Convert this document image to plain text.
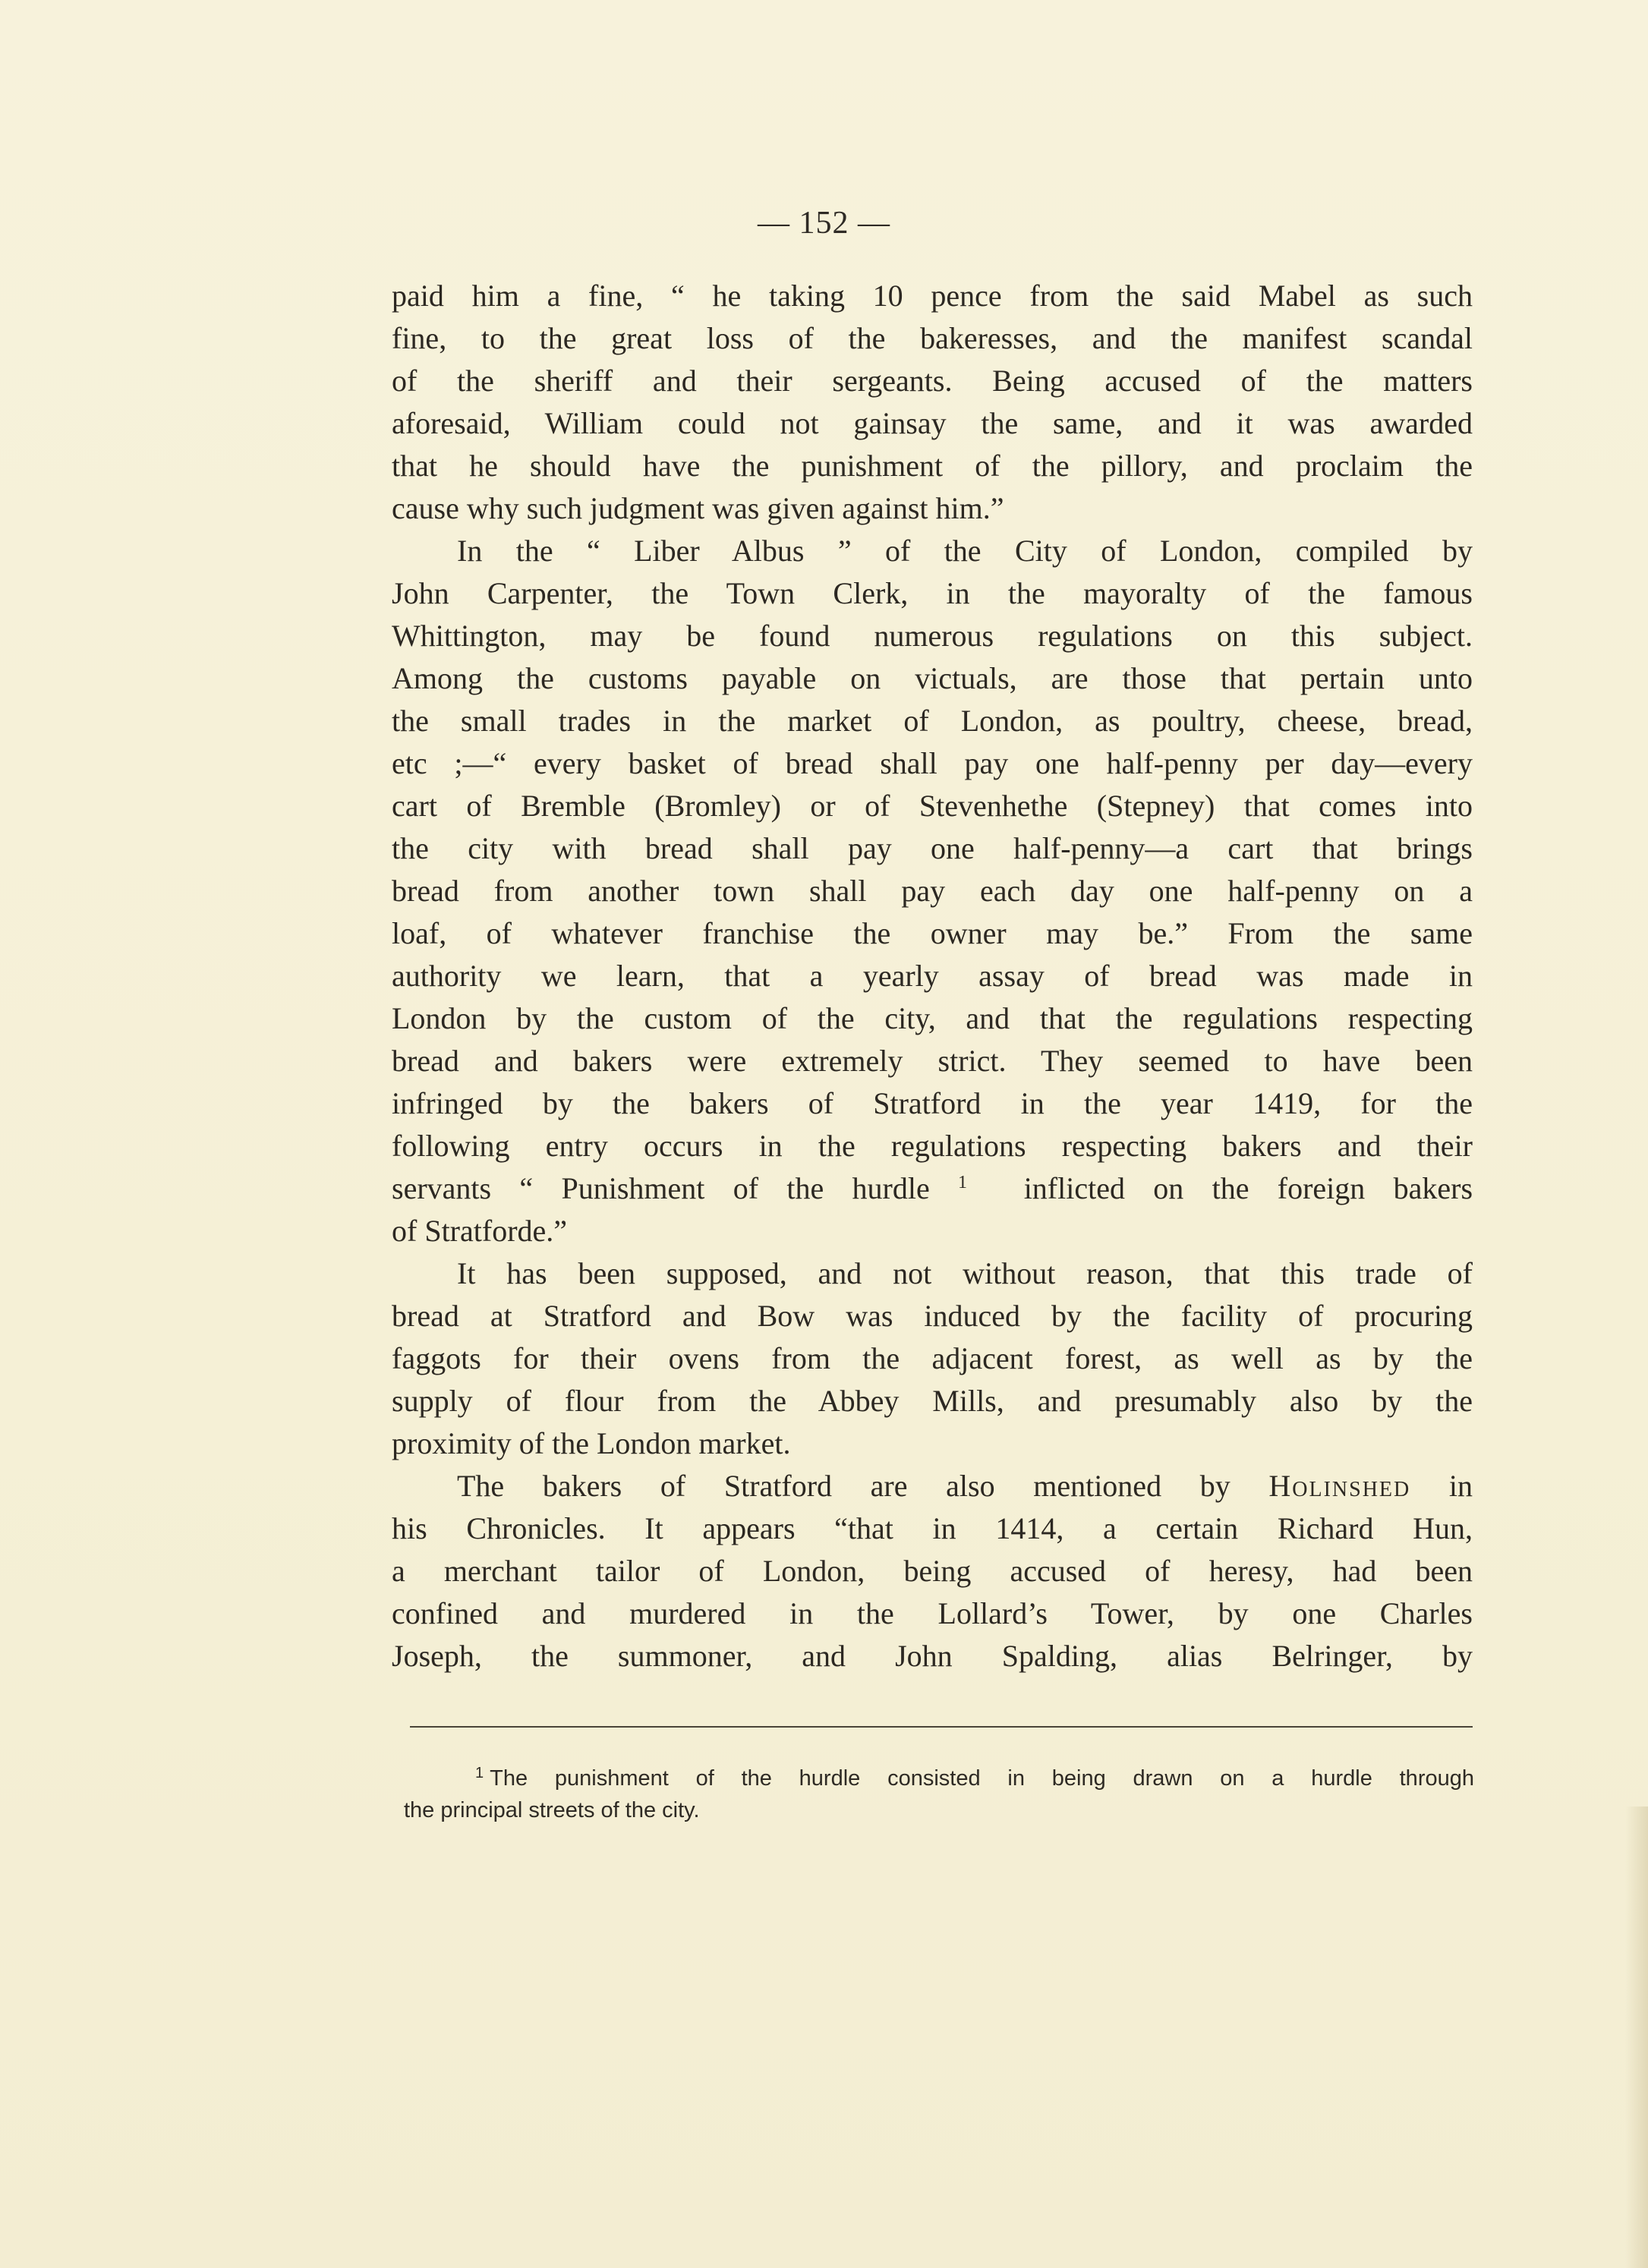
— 152 —
paid him a fine, “ he taking 10 pence from the said Mabel as such
fine, to the great loss of the bakeresses, and the manifest scandal
of the sheriff and their sergeants. Being accused of the matters
aforesaid, William could not gainsay the same, and it was awarded
that he should have the punishment of the pillory, and proclaim the
cause why such judgment was given against him.”
In the “ Liber Albus ” of the City of London, compiled by
John Carpenter, the Town Clerk, in the mayoralty of the famous
Whittington, may be found numerous regulations on this subject.
Among the customs payable on victuals, are those that pertain unto
the small trades in the market of London, as poultry, cheese, bread,
etc ;—“ every basket of bread shall pay one half-penny per day—every
cart of Bremble (Bromley) or of Stevenhethe (Stepney) that comes into
the city with bread shall pay one half-penny—a cart that brings
bread from another town shall pay each day one half-penny on a
loaf, of whatever franchise the owner may be.” From the same
authority we learn, that a yearly assay of bread was made in
London by the custom of the city, and that the regulations respecting
bread and bakers were extremely strict. They seemed to have been
infringed by the bakers of Stratford in the year 1419, for the
following entry occurs in the regulations respecting bakers and their
servants “ Punishment of the hurdle $^1$ inflicted on the foreign bakers
of Stratforde.”
It has been supposed, and not without reason, that this trade of
bread at Stratford and Bow was induced by the facility of procuring
faggots for their ovens from the adjacent forest, as well as by the
supply of flour from the Abbey Mills, and presumably also by the
proximity of the London market.
The bakers of Stratford are also mentioned by Holinshed in
his Chronicles. It appears “that in 1414, a certain Richard Hun,
a merchant tailor of London, being accused of heresy, had been
confined and murdered in the Lollard’s Tower, by one Charles
Joseph, the summoner, and John Spalding, alias Belringer, by
$^1$ The punishment of the hurdle consisted in being drawn on a hurdle through
the principal streets of the city.
